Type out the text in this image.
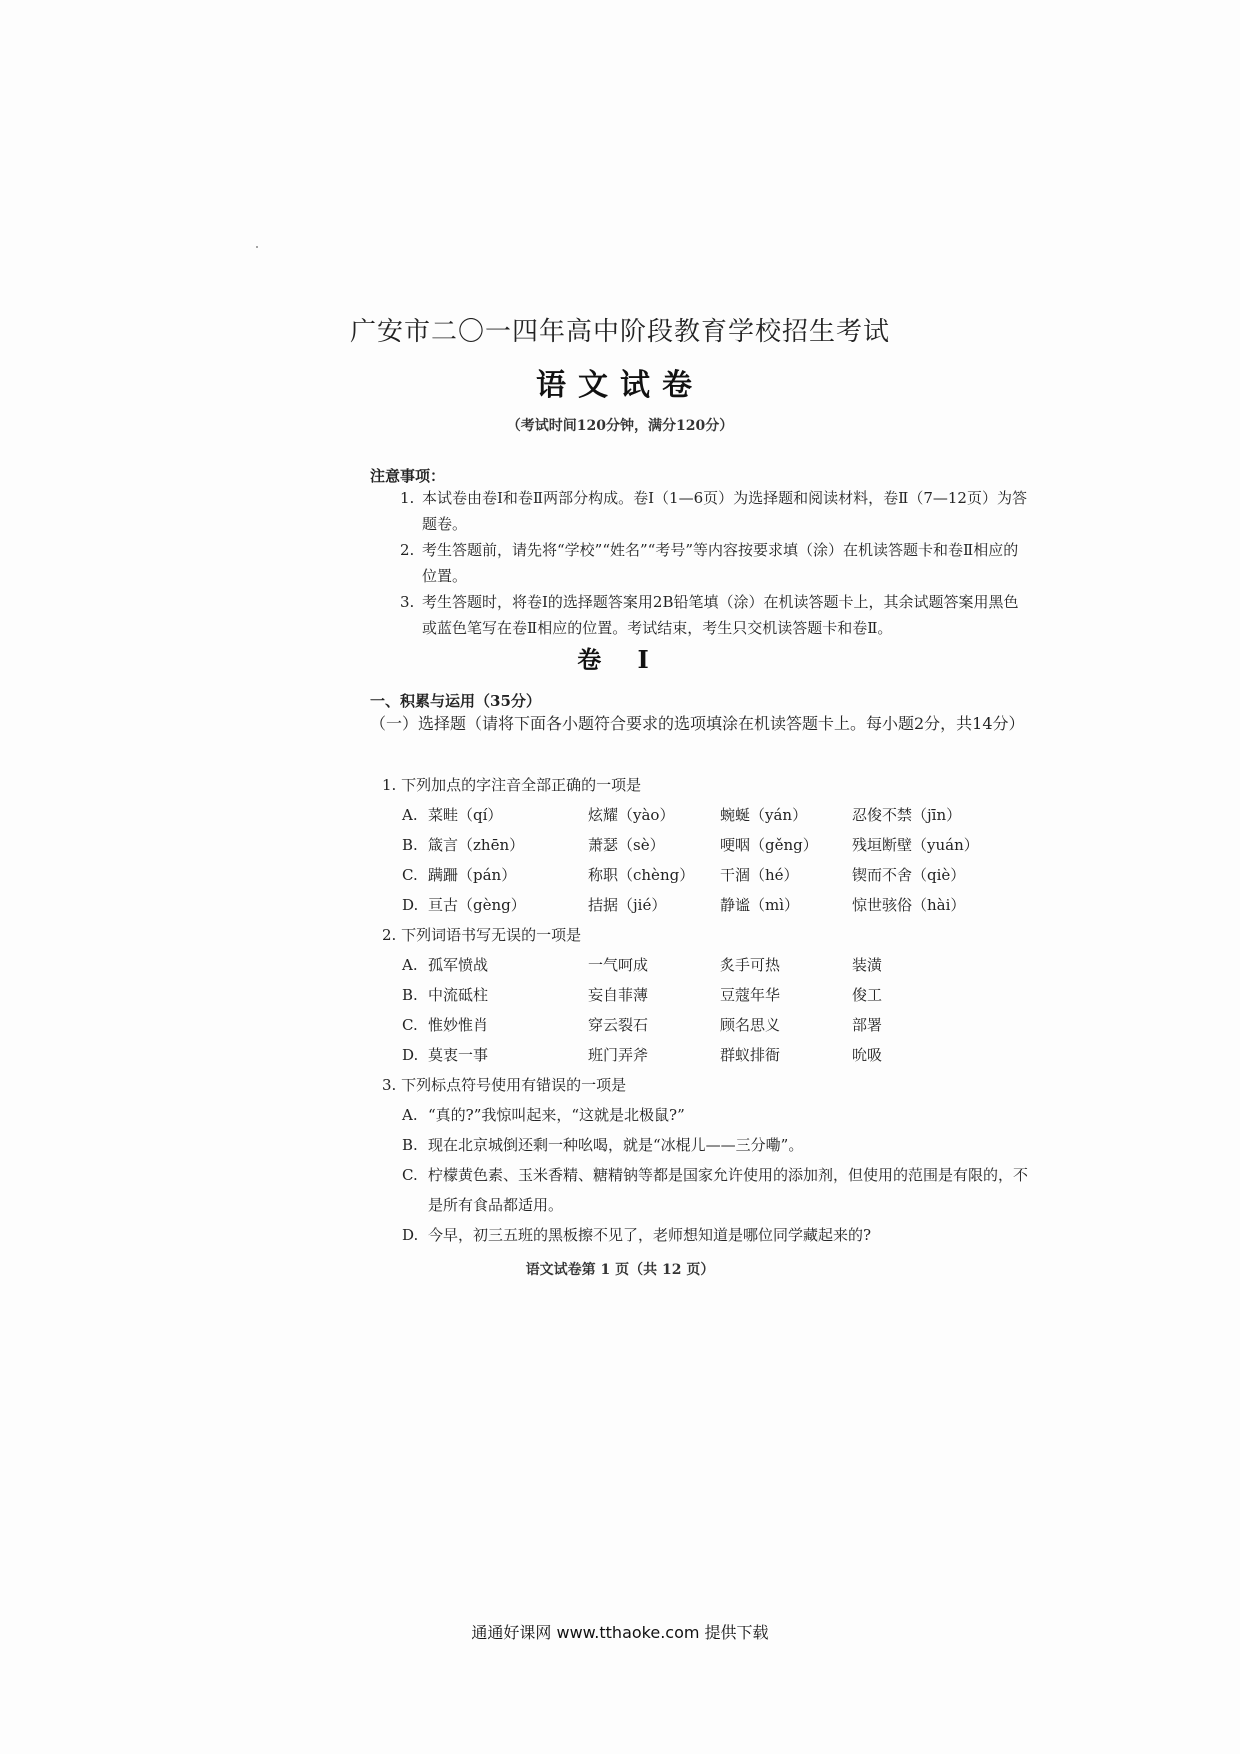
广安市二〇一四年高中阶段教育学校招生考试
语文试卷
（考试时间120分钟，满分120分）
注意事项：
1. 本试卷由卷Ⅰ和卷Ⅱ两部分构成。卷Ⅰ（1—6页）为选择题和阅读材料，卷Ⅱ（7—12页）为答题卷。
2. 考生答题前，请先将“学校”“姓名”“考号”等内容按要求填（涂）在机读答题卡和卷Ⅱ相应的位置。
3. 考生答题时，将卷Ⅰ的选择题答案用2B铅笔填（涂）在机读答题卡上，其余试题答案用黑色或蓝色笔写在卷Ⅱ相应的位置。考试结束，考生只交机读答题卡和卷Ⅱ。
卷 Ⅰ
一、积累与运用（35分）
（一）选择题（请将下面各小题符合要求的选项填涂在机读答题卡上。每小题2分，共14分）
1. 下列加点的字注音全部正确的一项是
A. 菜畦（qí）	炫耀（yào）	蜿蜒（yán）	忍俊不禁（jīn）
B. 箴言（zhēn）	萧瑟（sè）	哽咽（gěng）	残垣断壁（yuán）
C. 蹒跚（pán）	称职（chèng）	干涸（hé）	锲而不舍（qiè）
D. 亘古（gèng）	拮据（jié）	静谧（mì）	惊世骇俗（hài）
2. 下列词语书写无误的一项是
A. 孤军愤战	一气呵成	炙手可热	装潢
B. 中流砥柱	妄自菲薄	豆蔻年华	俊工
C. 惟妙惟肖	穿云裂石	顾名思义	部署
D. 莫衷一事	班门弄斧	群蚁排衙	吮吸
3. 下列标点符号使用有错误的一项是
A. “真的?”我惊叫起来，“这就是北极鼠?”
B. 现在北京城倒还剩一种吆喝，就是“冰棍儿——三分嘞”。
C. 柠檬黄色素、玉米香精、糖精钠等都是国家允许使用的添加剂，但使用的范围是有限的，不是所有食品都适用。
D. 今早，初三五班的黑板擦不见了，老师想知道是哪位同学藏起来的?
语文试卷第 1 页（共 12 页）
通通好课网 www.tthaoke.com 提供下载
